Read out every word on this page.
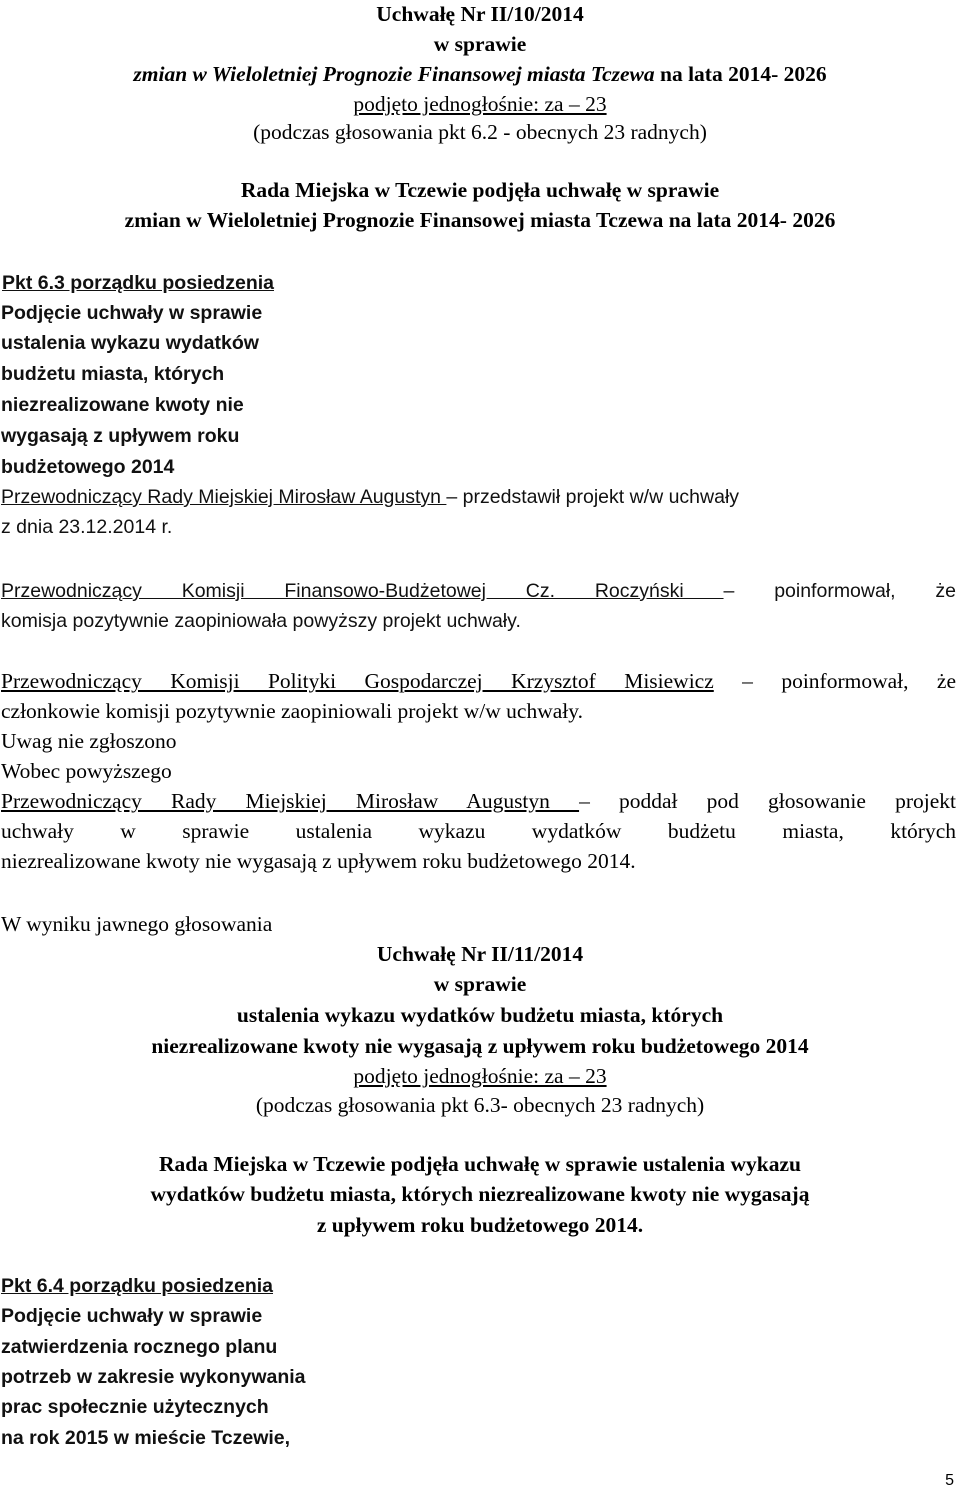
Uchwałę Nr II/10/2014
w sprawie
zmian w Wieloletniej Prognozie Finansowej miasta Tczewa na lata 2014- 2026
podjęto jednogłośnie: za – 23
(podczas głosowania pkt 6.2 - obecnych 23 radnych)
Rada Miejska w Tczewie podjęła uchwałę w sprawie
zmian w Wieloletniej Prognozie Finansowej miasta Tczewa na lata 2014- 2026
Pkt 6.3 porządku posiedzenia
Podjęcie uchwały w sprawie
ustalenia wykazu wydatków
budżetu miasta, których
niezrealizowane kwoty nie
wygasają z upływem roku
budżetowego 2014
Przewodniczący Rady Miejskiej Mirosław Augustyn – przedstawił projekt w/w uchwały
z dnia 23.12.2014 r.
Przewodniczący Komisji Finansowo-Budżetowej Cz. Roczyński – poinformował, że
komisja pozytywnie zaopiniowała powyższy projekt uchwały.
Przewodniczący Komisji Polityki Gospodarczej Krzysztof Misiewicz – poinformował, że
członkowie komisji pozytywnie zaopiniowali projekt w/w uchwały.
Uwag nie zgłoszono
Wobec powyższego
Przewodniczący Rady Miejskiej Mirosław Augustyn – poddał pod głosowanie projekt
uchwały w sprawie ustalenia wykazu wydatków budżetu miasta, których
niezrealizowane kwoty nie wygasają z upływem roku budżetowego 2014.
W wyniku jawnego głosowania
Uchwałę Nr II/11/2014
w sprawie
ustalenia wykazu wydatków budżetu miasta, których
niezrealizowane kwoty nie wygasają z upływem roku budżetowego 2014
podjęto jednogłośnie: za – 23
(podczas głosowania pkt 6.3- obecnych 23 radnych)
Rada Miejska w Tczewie podjęła uchwałę w sprawie ustalenia wykazu
wydatków budżetu miasta, których niezrealizowane kwoty nie wygasają
z upływem roku budżetowego 2014.
Pkt 6.4 porządku posiedzenia
Podjęcie uchwały w sprawie
zatwierdzenia rocznego planu
potrzeb w zakresie wykonywania
prac społecznie użytecznych
na rok 2015 w mieście Tczewie,
5
